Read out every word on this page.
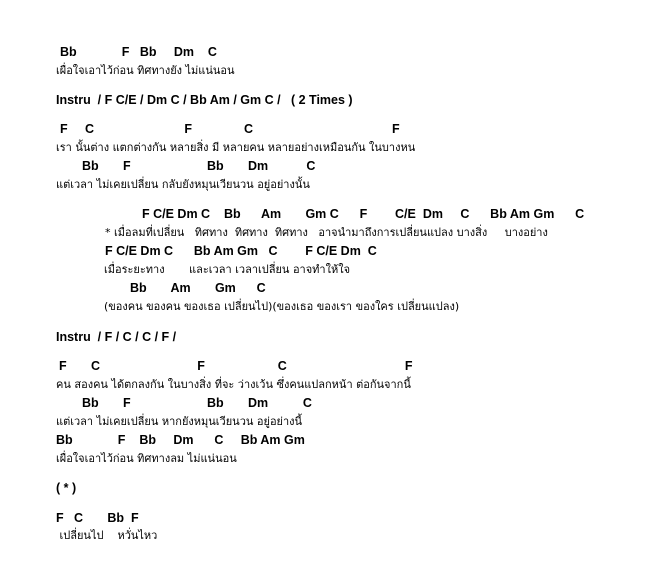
Bb             F   Bb     Dm    C
เผื่อใจเอาไว้ก่อน ทิศทางยัง ไม่แน่นอน
Instru  / F C/E / Dm C / Bb Am / Gm C /   ( 2 Times )
F     C                          F               C                                        F
เรา นั้นต่าง แตกต่างกัน หลายสิ่ง มี หลายคน หลายอย่างเหมือนกัน ในบางหน
Bb       F                      Bb       Dm           C
แต่เวลา ไม่เคยเปลี่ยน กลับยังหมุนเวียนวน อยู่อย่างนั้น
F C/E Dm C    Bb      Am       Gm C      F        C/E  Dm     C      Bb Am Gm      C
* เมื่อลมที่เปลี่ยน   ทิศทาง  ทิศทาง  ทิศทาง   อาจนำมาถึงการเปลี่ยนแปลง บางสิ่ง     บางอย่าง
F C/E Dm C      Bb Am Gm   C        F C/E Dm  C
เมื่อระยะทาง       และเวลา เวลาเปลี่ยน อาจทำให้ใจ
Bb       Am       Gm      C
(ของคน ของคน ของเธอ เปลี่ยนไป)(ของเธอ ของเรา ของใคร เปลี่ยนแปลง)
Instru  / F / C / C / F /
F       C                            F                     C                                  F
คน สองคน ได้ตกลงกัน ในบางสิ่ง ที่จะ ว่างเว้น ซึ่งคนแปลกหน้า ต่อกันจากนี้
Bb       F                      Bb       Dm          C
แต่เวลา ไม่เคยเปลี่ยน หากยังหมุนเวียนวน อยู่อย่างนี้
Bb             F    Bb     Dm      C     Bb Am Gm
เผื่อใจเอาไว้ก่อน ทิศทางลม ไม่แน่นอน
( * )
F   C       Bb  F
เปลี่ยนไป    หวั่นไหว
